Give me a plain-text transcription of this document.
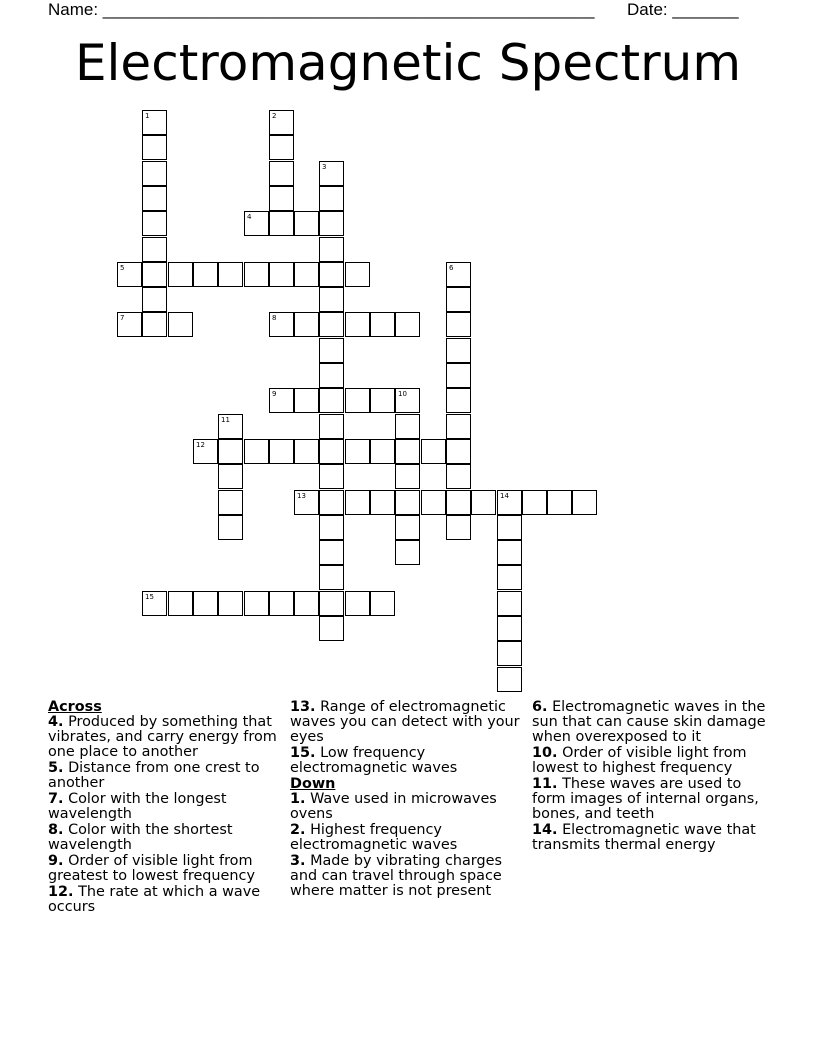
Name: ____________________________________________________ Date: _______
Electromagnetic Spectrum
1	2
3
4
5	6
7	8
9	10
11
12
13	14
15
Across
4. Produced by something that vibrates, and carry energy from one place to another
5. Distance from one crest to another
7. Color with the longest wavelength
8. Color with the shortest wavelength
9. Order of visible light from greatest to lowest frequency
12. The rate at which a wave occurs
13. Range of electromagnetic waves you can detect with your eyes
15. Low frequency electromagnetic waves
Down
1. Wave used in microwaves ovens
2. Highest frequency electromagnetic waves
3. Made by vibrating charges and can travel through space where matter is not present
6. Electromagnetic waves in the sun that can cause skin damage when overexposed to it
10. Order of visible light from lowest to highest frequency
11. These waves are used to form images of internal organs, bones, and teeth
14. Electromagnetic wave that transmits thermal energy
